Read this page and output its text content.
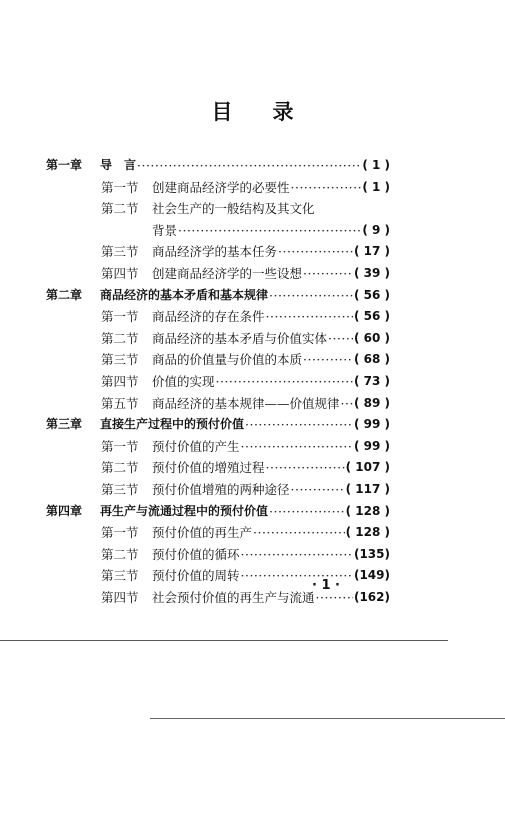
目 录
第一章	导　言 ·····	( 1 )
第一节	创建商品经济学的必要性 ·····	( 1 )
第二节	社会生产的一般结构及其文化
背景 ·····	( 9 )
第三节	商品经济学的基本任务 ·····	( 17 )
第四节	创建商品经济学的一些设想 ·····	( 39 )
第二章	商品经济的基本矛盾和基本规律 ·····	( 56 )
第一节	商品经济的存在条件 ·····	( 56 )
第二节	商品经济的基本矛盾与价值实体 ····· ( 60 )
第三节	商品的价值量与价值的本质 ·····	( 68 )
第四节	价值的实现 ·····	( 73 )
第五节	商品经济的基本规律——价值规律 ····· ( 89 )
第三章	直接生产过程中的预付价值 ·····	( 99 )
第一节	预付价值的产生 ·····	( 99 )
第二节	预付价值的增殖过程 ·····	( 107 )
第三节	预付价值增殖的两种途径 ·····	( 117 )
第四章	再生产与流通过程中的预付价值 ·····	( 128 )
第一节	预付价值的再生产 ·····	( 128 )
第二节	预付价值的循环 ·····	(135)
第三节	预付价值的周转 ·····	(149)
第四节	社会预付价值的再生产与流通 ·····	(162)
· 1 ·
